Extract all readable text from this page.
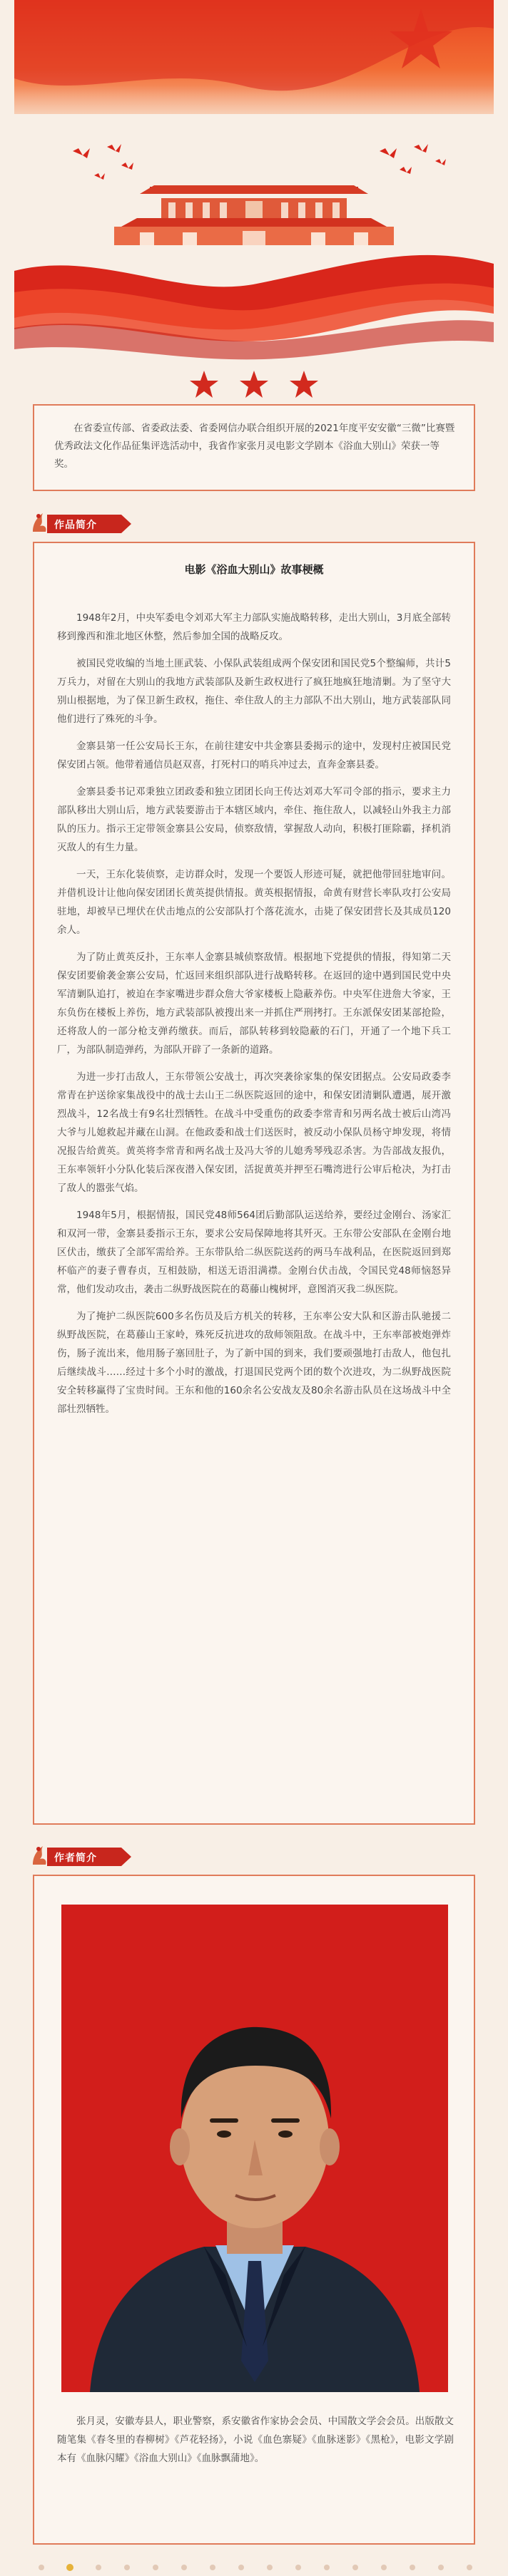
在省委宣传部、省委政法委、省委网信办联合组织开展的2021年度平安安徽“三微”比赛暨优秀政法文化作品征集评选活动中，我省作家张月灵电影文学剧本《浴血大别山》荣获一等奖。

作品简介
电影《浴血大别山》故事梗概

1948年2月，中央军委电令刘邓大军主力部队实施战略转移，走出大别山，3月底全部转移到豫西和淮北地区休整，然后参加全国的战略反攻。

被国民党收编的当地土匪武装、小保队武装组成两个保安团和国民党5个整编师，共计5万兵力，对留在大别山的我地方武装部队及新生政权进行了疯狂地疯狂地清剿。为了坚守大别山根据地，为了保卫新生政权，拖住、牵住敌人的主力部队不出大别山，地方武装部队同他们进行了殊死的斗争。

金寨县第一任公安局长王东，在前往建安中共金寨县委揭示的途中，发现村庄被国民党保安团占领。他带着通信员赵双喜，打死村口的哨兵冲过去，直奔金寨县委。

金寨县委书记邓秉独立团政委和独立团团长向王传达刘邓大军司令部的指示，要求主力部队移出大别山后，地方武装要游击于本辖区域内，牵住、拖住敌人，以减轻山外我主力部队的压力。指示王定带领金寨县公安局，侦察敌情，掌握敌人动向，积极打匪除霸，择机消灭敌人的有生力量。

一天，王东化装侦察，走访群众时，发现一个要饭人形迹可疑，就把他带回驻地审问。并借机设计让他向保安团团长黄英提供情报。黄英根据情报，命黄有财营长率队攻打公安局驻地，却被早已埋伏在伏击地点的公安部队打个落花流水，击毙了保安团营长及其成员120余人。

为了防止黄英反扑，王东率人金寨县城侦察敌情。根据地下党提供的情报，得知第二天保安团要偷袭金寨公安局，忙返回来组织部队进行战略转移。在返回的途中遇到国民党中央军清剿队追打，被迫在李家嘴进步群众詹大爷家楼板上隐蔽养伤。中央军住进詹大爷家，王东负伤在楼板上养伤，地方武装部队被搜出来一并抓住严刑拷打。王东派保安团某部抢险，还将敌人的一部分枪支弹药缴获。而后，部队转移到较隐蔽的石门，开通了一个地下兵工厂，为部队制造弹药，为部队开辟了一条新的道路。

为进一步打击敌人，王东带领公安战士，再次突袭徐家集的保安团据点。公安局政委李常青在护送徐家集战役中的战士去山王二纵医院返回的途中，和保安团清剿队遭遇，展开激烈战斗，12名战士有9名壮烈牺牲。在战斗中受重伤的政委李常青和另两名战士被后山湾冯大爷与儿媳救起并藏在山洞。在他政委和战士们送医时，被反动小保队员杨守坤发现，将情况报告给黄英。黄英将李常青和两名战士及冯大爷的儿媳秀琴残忍杀害。为告部战友报仇，王东率领轩小分队化装后深夜潜入保安团，活捉黄英并押至石嘴湾进行公审后枪决，为打击了敌人的嚣张气焰。

1948年5月，根据情报，国民党48师564团后勤部队运送给养，要经过金刚台、汤家汇和双河一带，金寨县委指示王东，要求公安局保障地将其歼灭。王东带公安部队在金刚台地区伏击，缴获了全部军需给养。王东带队给二纵医院送药的两马车战利品，在医院返回到郑杯临产的妻子曹春贞，互相鼓励，相送无语泪满襟。金刚台伏击战，令国民党48师恼怒异常，他们发动攻击，袭击二纵野战医院在的葛藤山槐树坪，意图消灭我二纵医院。

为了掩护二纵医院600多名伤员及后方机关的转移，王东率公安大队和区游击队驰援二纵野战医院，在葛藤山王家岭，殊死反抗进攻的敌师领阻敌。在战斗中，王东率部被炮弹炸伤，肠子流出来，他用肠子塞回肚子，为了新中国的到来，我们要顽强地打击敌人，他包扎后继续战斗……经过十多个小时的激战，打退国民党两个团的数个次进攻，为二纵野战医院安全转移赢得了宝贵时间。王东和他的160余名公安战友及80余名游击队员在这场战斗中全部壮烈牺牲。

作者简介

张月灵，安徽寿县人，职业警察，系安徽省作家协会会员、中国散文学会会员。出版散文随笔集《春冬里的春柳树》《芦花轻扬》，小说《血色寨疑》《血脉迷影》《黑枪》，电影文学剧本有《血脉闪耀》《浴血大别山》《血脉飘蒲地》。
